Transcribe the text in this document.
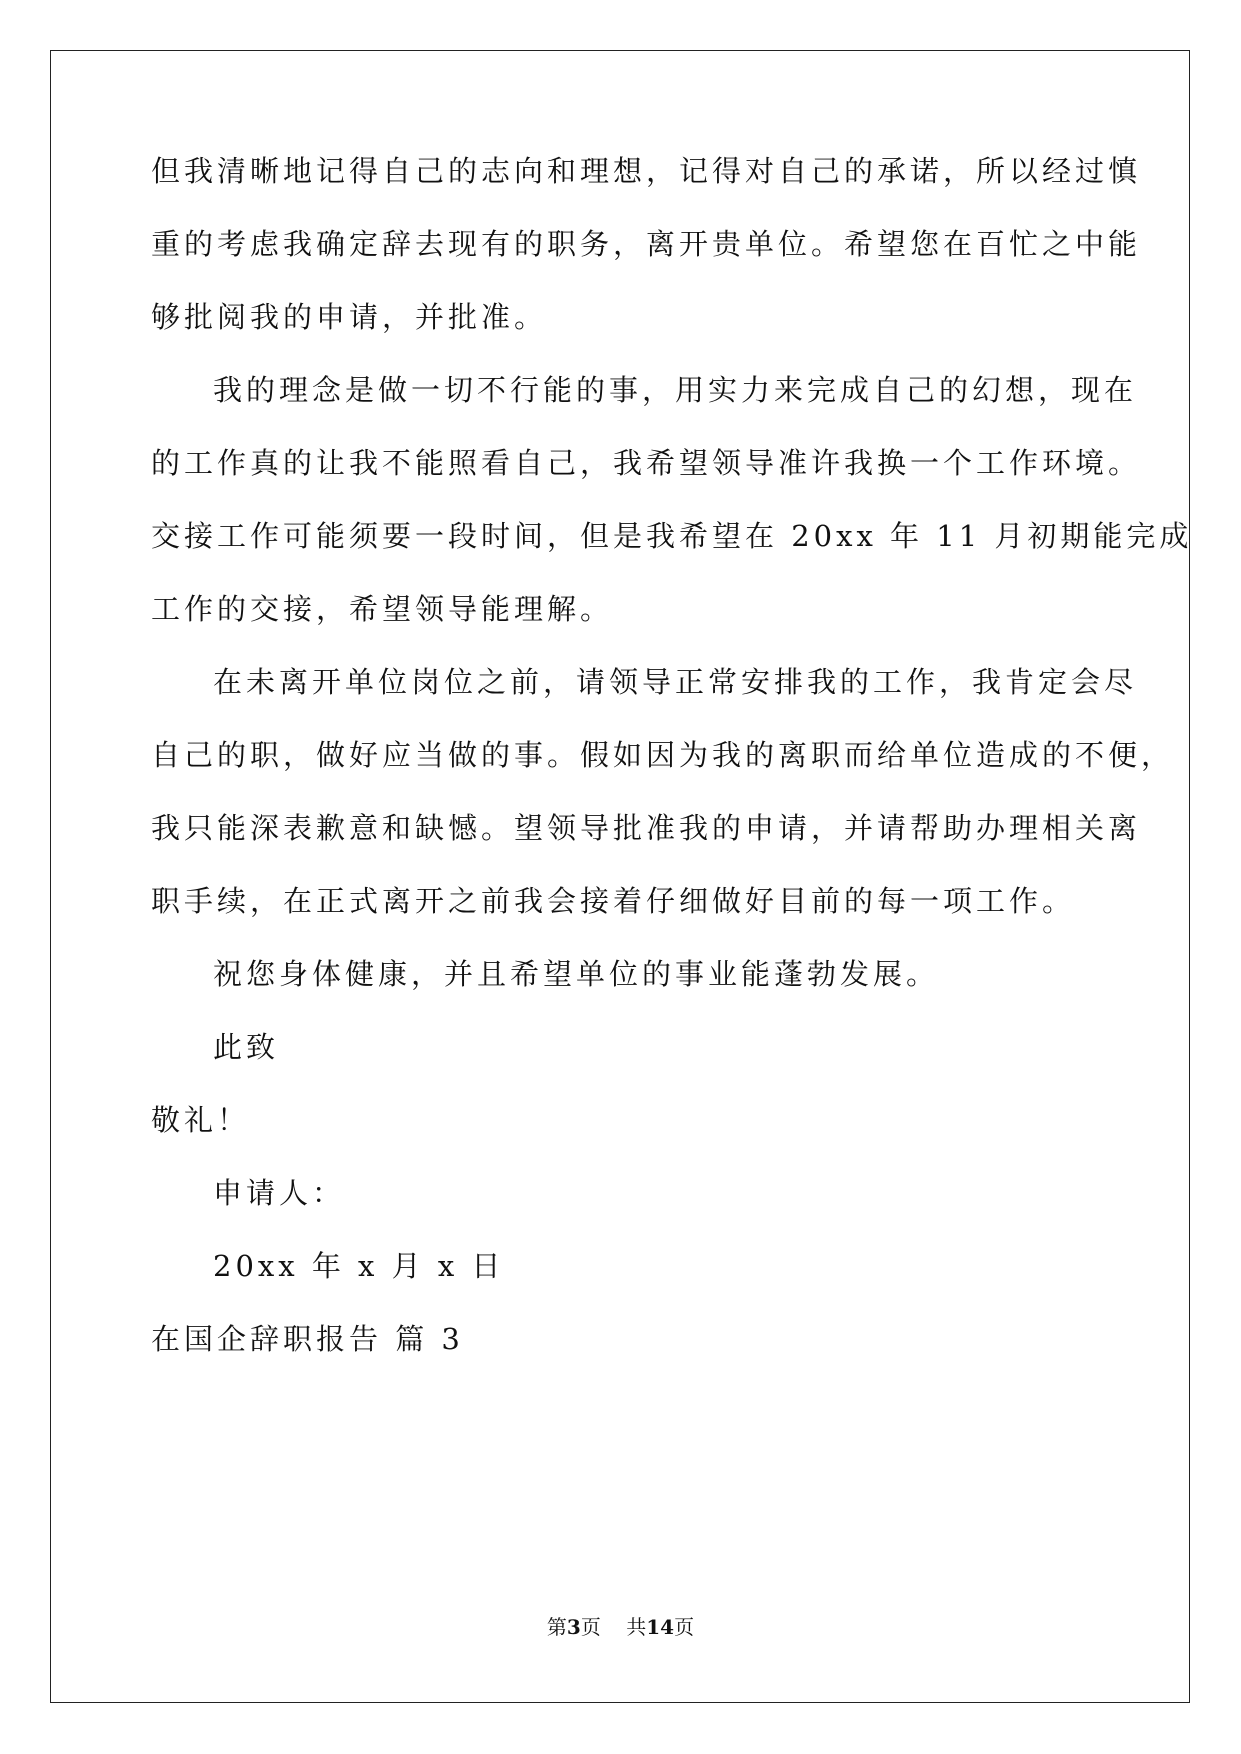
但我清晰地记得自己的志向和理想，记得对自己的承诺，所以经过慎
重的考虑我确定辞去现有的职务，离开贵单位。希望您在百忙之中能
够批阅我的申请，并批准。
我的理念是做一切不行能的事，用实力来完成自己的幻想，现在
的工作真的让我不能照看自己，我希望领导准许我换一个工作环境。
交接工作可能须要一段时间，但是我希望在 20xx 年 11 月初期能完成
工作的交接，希望领导能理解。
在未离开单位岗位之前，请领导正常安排我的工作，我肯定会尽
自己的职，做好应当做的事。假如因为我的离职而给单位造成的不便，
我只能深表歉意和缺憾。望领导批准我的申请，并请帮助办理相关离
职手续，在正式离开之前我会接着仔细做好目前的每一项工作。
祝您身体健康，并且希望单位的事业能蓬勃发展。
此致
敬礼！
申请人：
20xx 年 x 月 x 日
在国企辞职报告 篇 3
第3页 共14页
